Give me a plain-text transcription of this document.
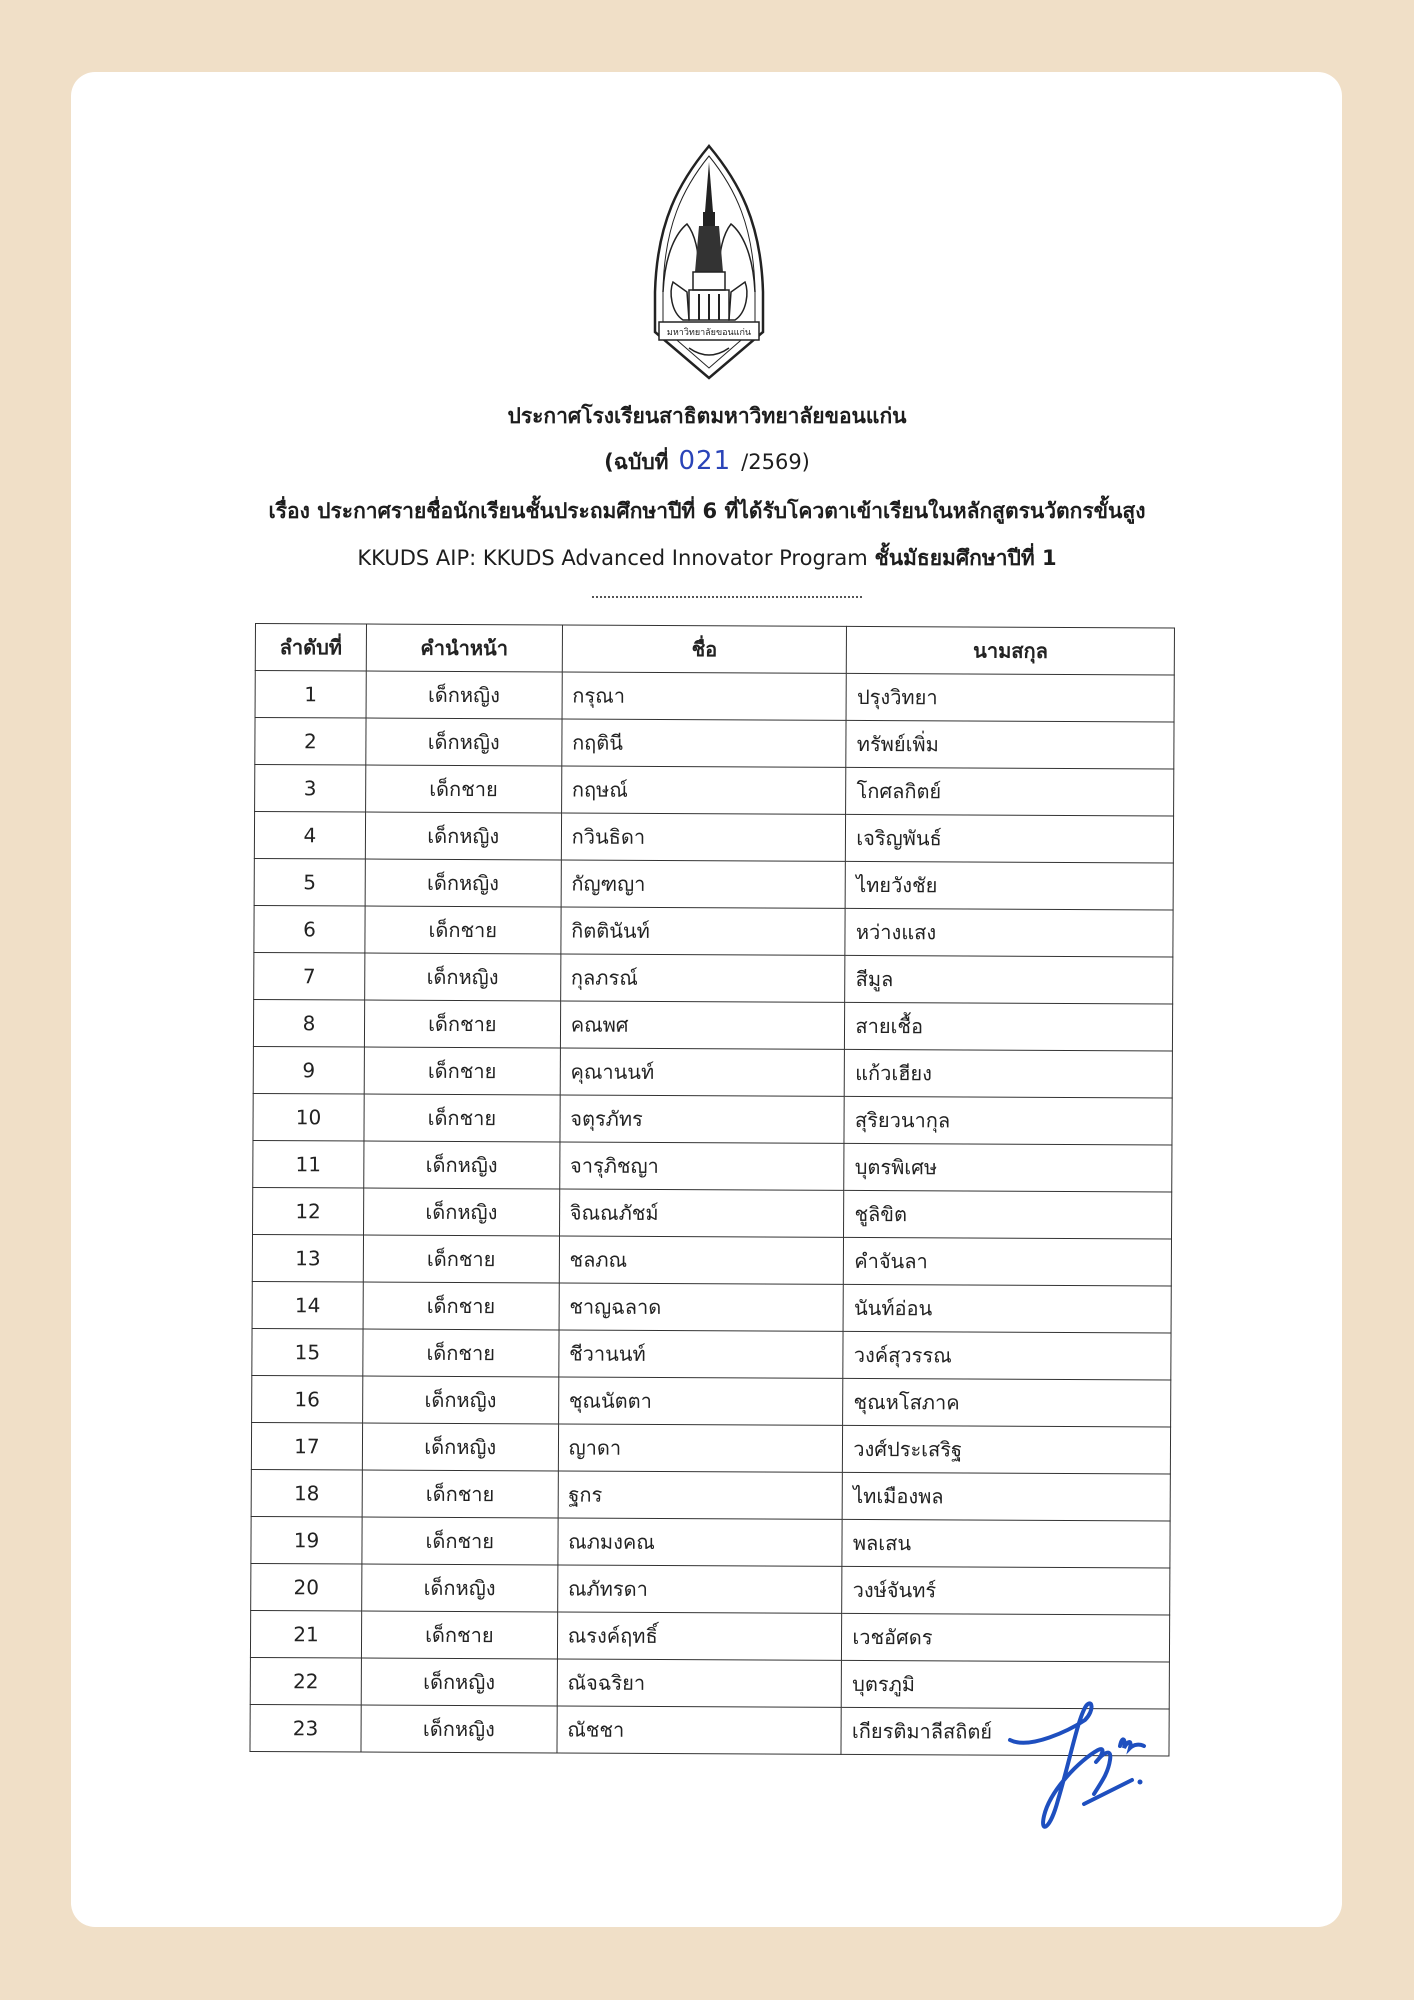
มหาวิทยาลัยขอนแก่น
ประกาศโรงเรียนสาธิตมหาวิทยาลัยขอนแก่น
(ฉบับที่ 021 /2569)
เรื่อง ประกาศรายชื่อนักเรียนชั้นประถมศึกษาปีที่ 6 ที่ได้รับโควตาเข้าเรียนในหลักสูตรนวัตกรขั้นสูง
KKUDS AIP: KKUDS Advanced Innovator Program ชั้นมัธยมศึกษาปีที่ 1
ลำดับที่	คำนำหน้า	ชื่อ	นามสกุล
1	เด็กหญิง	กรุณา	ปรุงวิทยา
2	เด็กหญิง	กฤตินี	ทรัพย์เพิ่ม
3	เด็กชาย	กฤษณ์	โกศลกิตย์
4	เด็กหญิง	กวินธิดา	เจริญพันธ์
5	เด็กหญิง	กัญฑญา	ไทยวังชัย
6	เด็กชาย	กิตตินันท์	หว่างแสง
7	เด็กหญิง	กุลภรณ์	สีมูล
8	เด็กชาย	คณพศ	สายเชื้อ
9	เด็กชาย	คุณานนท์	แก้วเฮียง
10	เด็กชาย	จตุรภัทร	สุริยวนากุล
11	เด็กหญิง	จารุภิชญา	บุตรพิเศษ
12	เด็กหญิง	จิณณภัชม์	ชูลิขิต
13	เด็กชาย	ชลภณ	คำจันลา
14	เด็กชาย	ชาญฉลาด	นันท์อ่อน
15	เด็กชาย	ชีวานนท์	วงค์สุวรรณ
16	เด็กหญิง	ชุณนัตตา	ชุณหโสภาค
17	เด็กหญิง	ญาดา	วงศ์ประเสริฐ
18	เด็กชาย	ฐกร	ไทเมืองพล
19	เด็กชาย	ณภมงคณ	พลเสน
20	เด็กหญิง	ณภัทรดา	วงษ์จันทร์
21	เด็กชาย	ณรงค์ฤทธิ์	เวชอัศดร
22	เด็กหญิง	ณัจฉริยา	บุตรภูมิ
23	เด็กหญิง	ณัชชา	เกียรติมาลีสถิตย์
